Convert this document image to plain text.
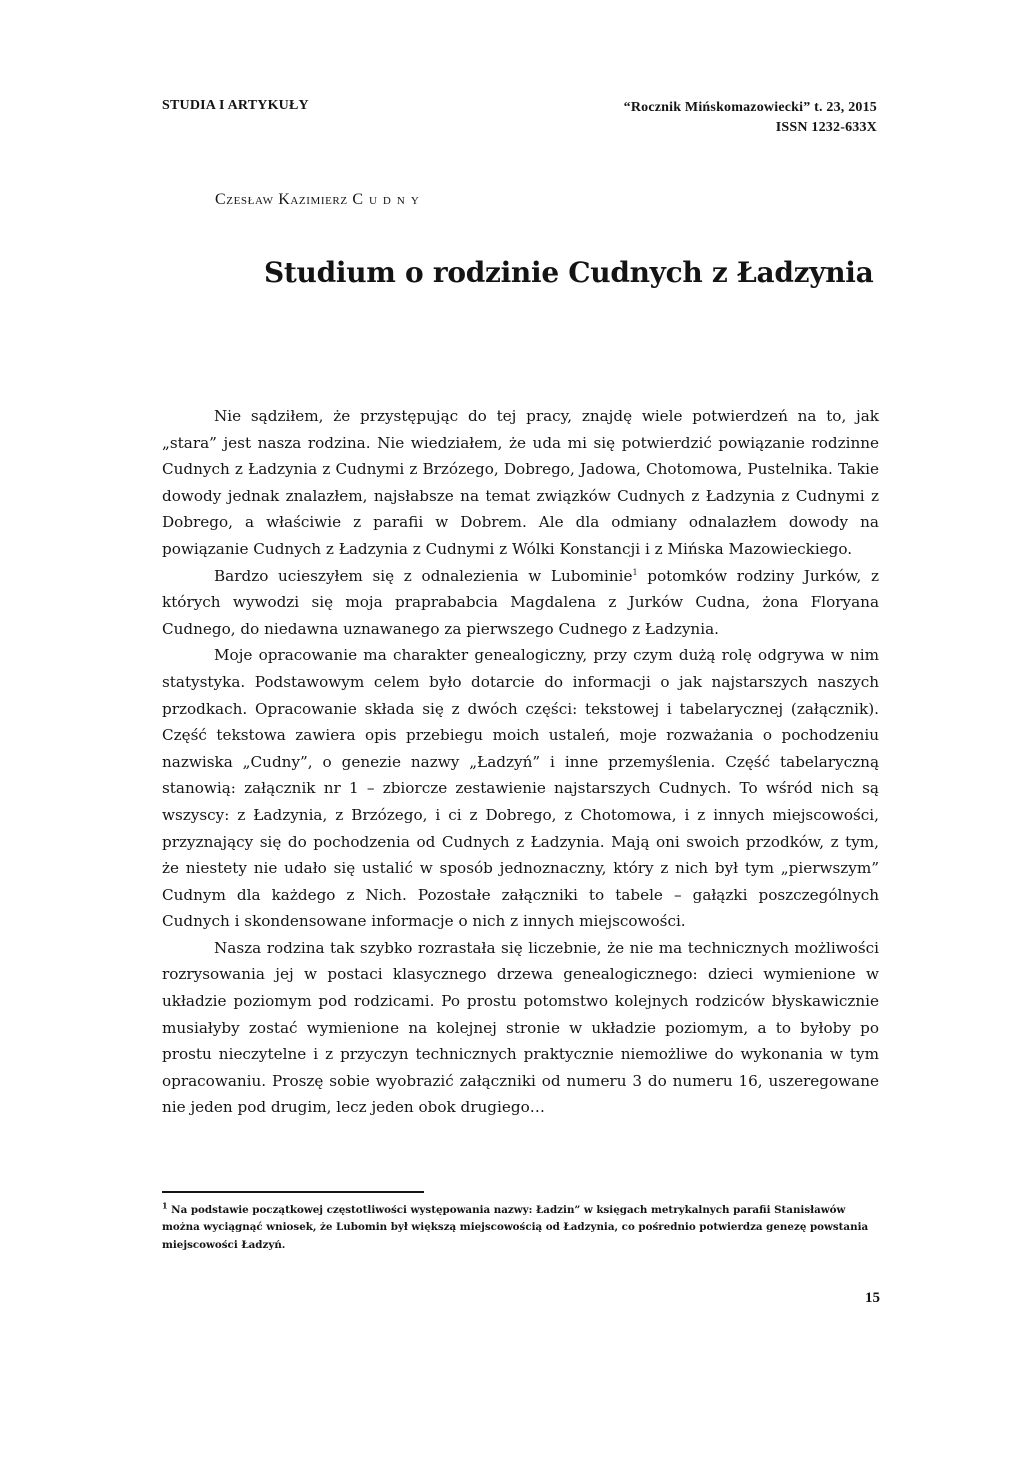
STUDIA I ARTYKUŁY	“Rocznik Mińskomazowiecki” t. 23, 2015
ISSN 1232-633X
Czesław Kazimierz Cudny
Studium o rodzinie Cudnych z Ładzynia

Nie sądziłem, że przystępując do tej pracy, znajdę wiele potwierdzeń na to, jak „stara” jest nasza rodzina. Nie wiedziałem, że uda mi się potwierdzić powiązanie rodzinne Cudnych z Ładzynia z Cudnymi z Brzózego, Dobrego, Jadowa, Chotomowa, Pustelnika. Takie dowody jednak znalazłem, najsłabsze na temat związków Cudnych z Ładzynia z Cudnymi z Dobrego, a właściwie z parafii w Dobrem. Ale dla odmiany odnalazłem dowody na powiązanie Cudnych z Ładzynia z Cudnymi z Wólki Konstancji i z Mińska Mazowieckiego.

Bardzo ucieszyłem się z odnalezienia w Lubominie$^1$ potomków rodziny Jurków, z których wywodzi się moja praprababcia Magdalena z Jurków Cudna, żona Floryana Cudnego, do niedawna uznawanego za pierwszego Cudnego z Ładzynia.

Moje opracowanie ma charakter genealogiczny, przy czym dużą rolę odgrywa w nim statystyka. Podstawowym celem było dotarcie do informacji o jak najstarszych naszych przodkach. Opracowanie składa się z dwóch części: tekstowej i tabelarycznej (załącznik). Część tekstowa zawiera opis przebiegu moich ustaleń, moje rozważania o pochodzeniu nazwiska „Cudny”, o genezie nazwy „Ładzyń” i inne przemyślenia. Część tabelaryczną stanowią: załącznik nr 1 – zbiorcze zestawienie najstarszych Cudnych. To wśród nich są wszyscy: z Ładzynia, z Brzózego, i ci z Dobrego, z Chotomowa, i z innych miejscowości, przyznający się do pochodzenia od Cudnych z Ładzynia. Mają oni swoich przodków, z tym, że niestety nie udało się ustalić w sposób jednoznaczny, który z nich był tym „pierwszym” Cudnym dla każdego z Nich. Pozostałe załączniki to tabele – gałązki poszczególnych Cudnych i skondensowane informacje o nich z innych miejscowości.

Nasza rodzina tak szybko rozrastała się liczebnie, że nie ma technicznych możliwości rozrysowania jej w postaci klasycznego drzewa genealogicznego: dzieci wymienione w układzie poziomym pod rodzicami. Po prostu potomstwo kolejnych rodziców błyskawicznie musiałyby zostać wymienione na kolejnej stronie w układzie poziomym, a to byłoby po prostu nieczytelne i z przyczyn technicznych praktycznie niemożliwe do wykonania w tym opracowaniu. Proszę sobie wyobrazić załączniki od numeru 3 do numeru 16, uszeregowane nie jeden pod drugim, lecz jeden obok drugiego…

$^1$ Na podstawie początkowej częstotliwości występowania nazwy: Ładzin” w księgach metrykalnych parafii Stanisławów można wyciągnąć wniosek, że Lubomin był większą miejscowością od Ładzynia, co pośrednio potwierdza genezę powstania miejscowości Ładzyń.
15
